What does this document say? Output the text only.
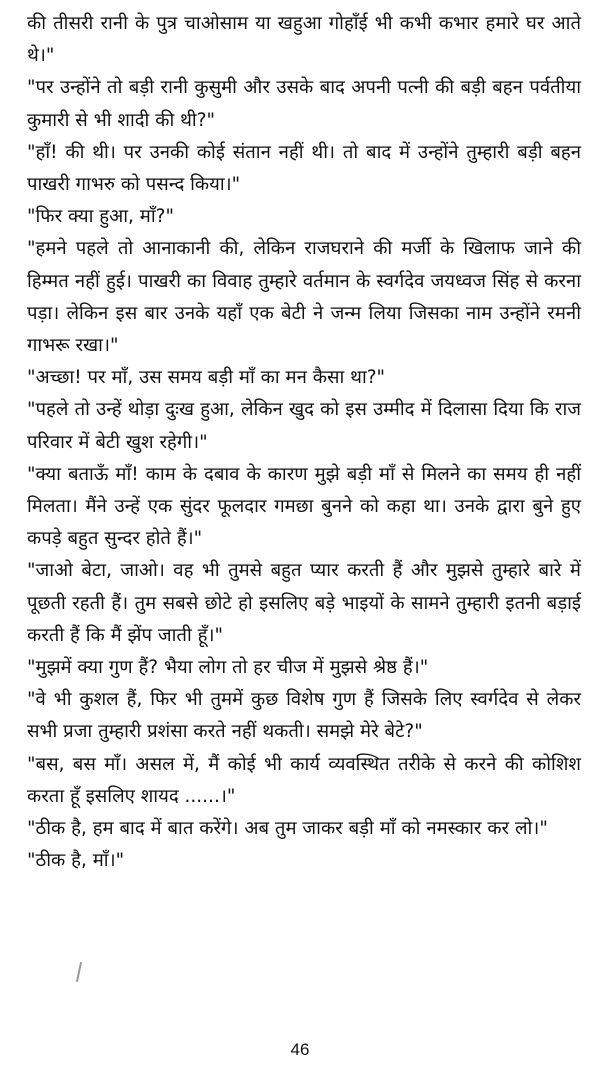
की तीसरी रानी के पुत्र चाओसाम या खहुआ गोहाँई भी कभी कभार हमारे घर आते थे।"

"पर उन्होंने तो बड़ी रानी कुसुमी और उसके बाद अपनी पत्नी की बड़ी बहन पर्वतीया कुमारी से भी शादी की थी?"

"हाँ! की थी। पर उनकी कोई संतान नहीं थी। तो बाद में उन्होंने तुम्हारी बड़ी बहन पाखरी गाभरु को पसन्द किया।"

"फिर क्या हुआ, माँ?"

"हमने पहले तो आनाकानी की, लेकिन राजघराने की मर्जी के खिलाफ जाने की हिम्मत नहीं हुई। पाखरी का विवाह तुम्हारे वर्तमान के स्वर्गदेव जयध्वज सिंह से करना पड़ा। लेकिन इस बार उनके यहाँ एक बेटी ने जन्म लिया जिसका नाम उन्होंने रमनी गाभरू रखा।"

"अच्छा! पर माँ, उस समय बड़ी माँ का मन कैसा था?"

"पहले तो उन्हें थोड़ा दुःख हुआ, लेकिन खुद को इस उम्मीद में दिलासा दिया कि राज परिवार में बेटी खुश रहेगी।"

"क्या बताऊँ माँ! काम के दबाव के कारण मुझे बड़ी माँ से मिलने का समय ही नहीं मिलता। मैंने उन्हें एक सुंदर फूलदार गमछा बुनने को कहा था। उनके द्वारा बुने हुए कपड़े बहुत सुन्दर होते हैं।"

"जाओ बेटा, जाओ। वह भी तुमसे बहुत प्यार करती हैं और मुझसे तुम्हारे बारे में पूछती रहती हैं। तुम सबसे छोटे हो इसलिए बड़े भाइयों के सामने तुम्हारी इतनी बड़ाई करती हैं कि मैं झेंप जाती हूँ।"

"मुझमें क्या गुण हैं? भैया लोग तो हर चीज में मुझसे श्रेष्ठ हैं।"

"वे भी कुशल हैं, फिर भी तुममें कुछ विशेष गुण हैं जिसके लिए स्वर्गदेव से लेकर सभी प्रजा तुम्हारी प्रशंसा करते नहीं थकती। समझे मेरे बेटे?"

"बस, बस माँ। असल में, मैं कोई भी कार्य व्यवस्थित तरीके से करने की कोशिश करता हूँ इसलिए शायद ......।"

"ठीक है, हम बाद में बात करेंगे। अब तुम जाकर बड़ी माँ को नमस्कार कर लो।"

"ठीक है, माँ।"

46
